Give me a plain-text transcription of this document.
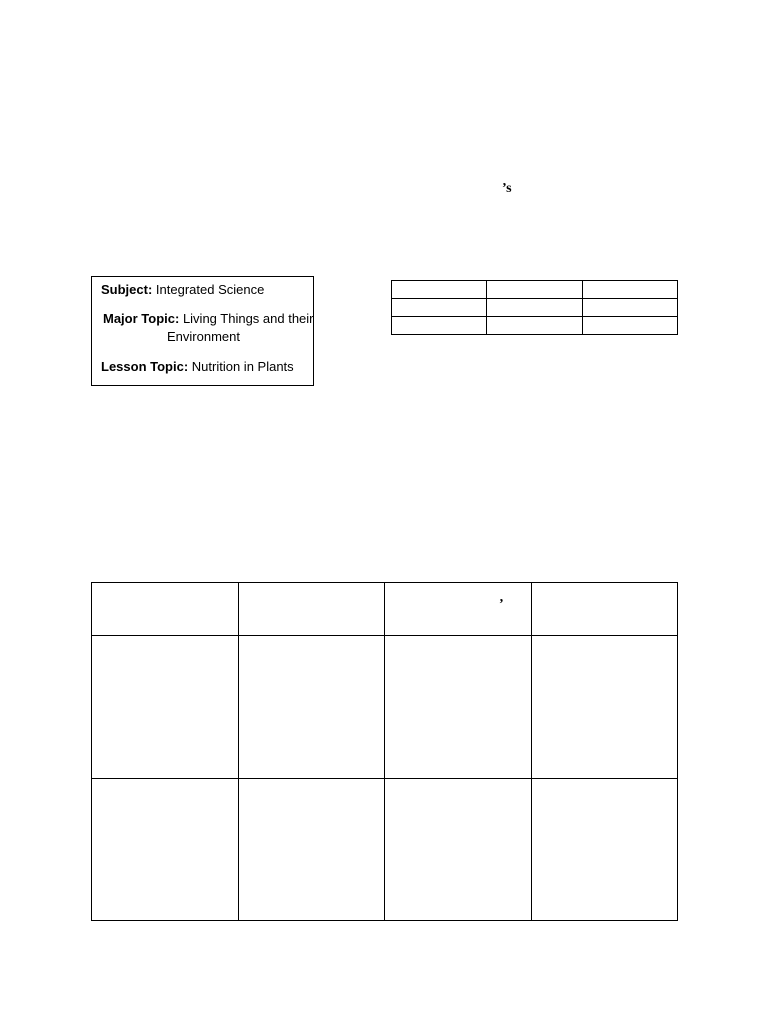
’s
Subject: Integrated Science
Major Topic: Living Things and their
Environment
Lesson Topic: Nutrition in Plants

		’	
